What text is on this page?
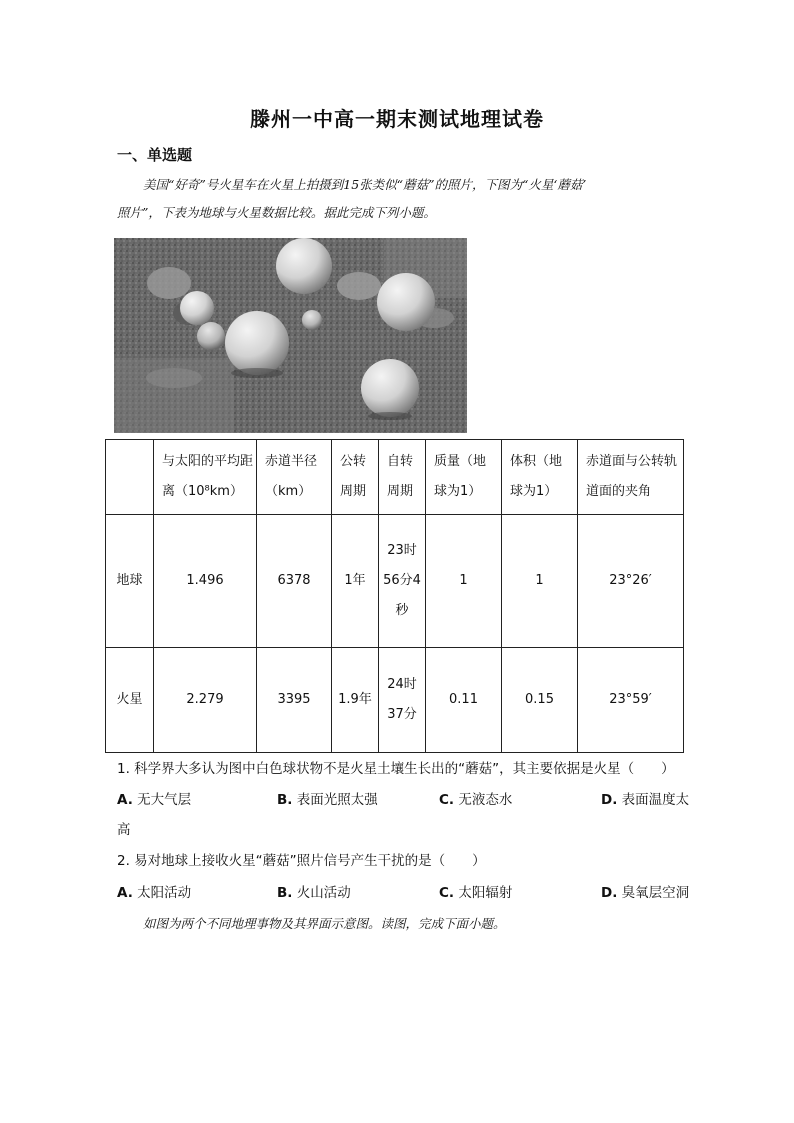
滕州一中高一期末测试地理试卷
一、单选题
美国“好奇”号火星车在火星上拍摄到15张类似“蘑菇”的照片，下图为“火星‘蘑菇’
照片”，下表为地球与火星数据比较。据此完成下列小题。
	与太阳的平均距离（10⁸km）	赤道半径（km）	公转周期	自转周期	质量（地球为1）	体积（地球为1）	赤道面与公转轨道面的夹角
地球	1.496	6378	1年	23时56分4秒	1	1	23°26′
火星	2.279	3395	1.9年	24时37分	0.11	0.15	23°59′
1. 科学界大多认为图中白色球状物不是火星土壤生长出的“蘑菇”，其主要依据是火星（　　）
A. 无大气层	B. 表面光照太强	C. 无液态水	D. 表面温度太
高
2. 易对地球上接收火星“蘑菇”照片信号产生干扰的是（　　）
A. 太阳活动	B. 火山活动	C. 太阳辐射	D. 臭氧层空洞
如图为两个不同地理事物及其界面示意图。读图，完成下面小题。
